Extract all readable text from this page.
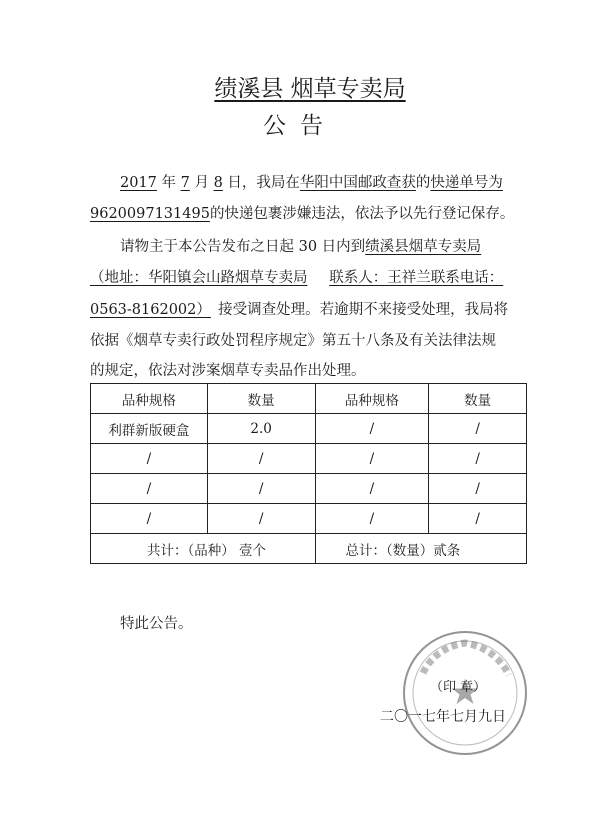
绩溪县 烟草专卖局
公告
2017 年 7 月 8 日，我局在华阳中国邮政查获的快递单号为
9620097131495的快递包裹涉嫌违法，依法予以先行登记保存。
请物主于本公告发布之日起 30 日内到绩溪县烟草专卖局
（地址：华阳镇会山路烟草专卖局   联系人：王祥兰联系电话：
0563-8162002）  接受调查处理。若逾期不来接受处理，我局将
依据《烟草专卖行政处罚程序规定》第五十八条及有关法律法规
的规定，依法对涉案烟草专卖品作出处理。
品种规格	数量	品种规格	数量
利群新版硬盒	2.0	/	/
/	/	/	/
/	/	/	/
/	/	/	/
共计：（品种） 壹个		总计：（数量）贰条	
特此公告。
（印 章）
二〇一七年七月九日
